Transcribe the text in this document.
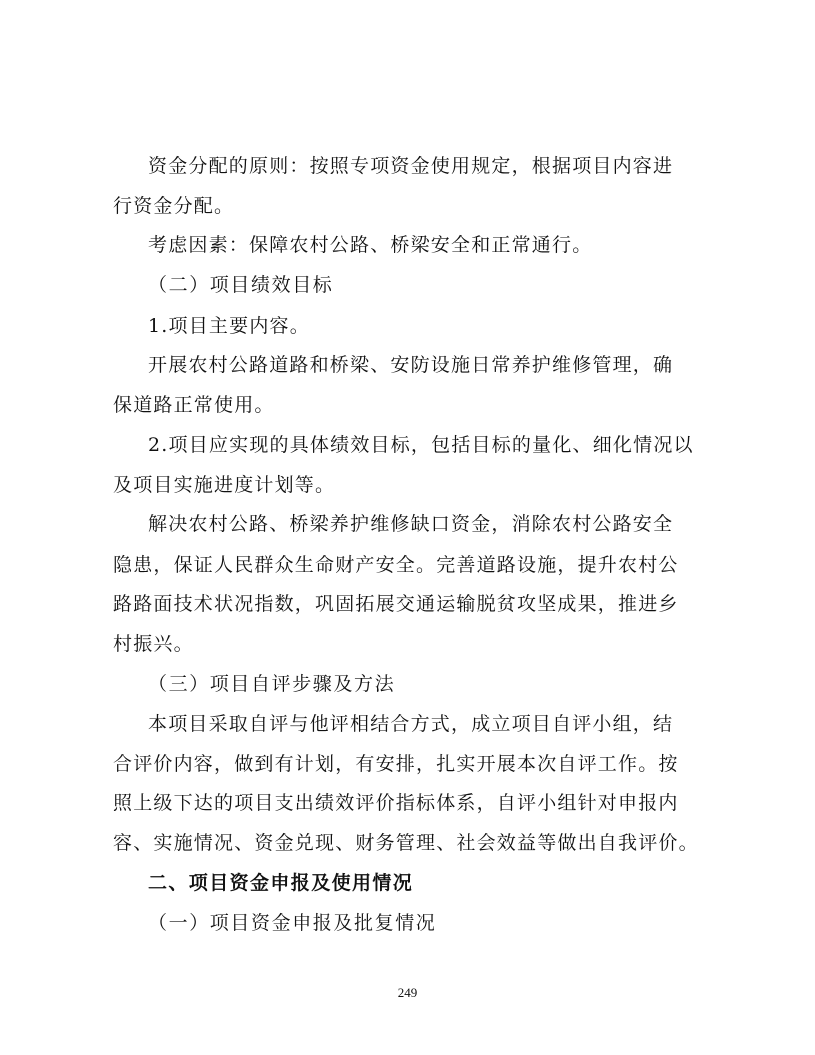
资金分配的原则：按照专项资金使用规定，根据项目内容进
行资金分配。
考虑因素：保障农村公路、桥梁安全和正常通行。
（二）项目绩效目标
1.项目主要内容。
开展农村公路道路和桥梁、安防设施日常养护维修管理，确
保道路正常使用。
2.项目应实现的具体绩效目标，包括目标的量化、细化情况以
及项目实施进度计划等。
解决农村公路、桥梁养护维修缺口资金，消除农村公路安全
隐患，保证人民群众生命财产安全。完善道路设施，提升农村公
路路面技术状况指数，巩固拓展交通运输脱贫攻坚成果，推进乡
村振兴。
（三）项目自评步骤及方法
本项目采取自评与他评相结合方式，成立项目自评小组，结
合评价内容，做到有计划，有安排，扎实开展本次自评工作。按
照上级下达的项目支出绩效评价指标体系，自评小组针对申报内
容、实施情况、资金兑现、财务管理、社会效益等做出自我评价。
二、项目资金申报及使用情况
（一）项目资金申报及批复情况
249
